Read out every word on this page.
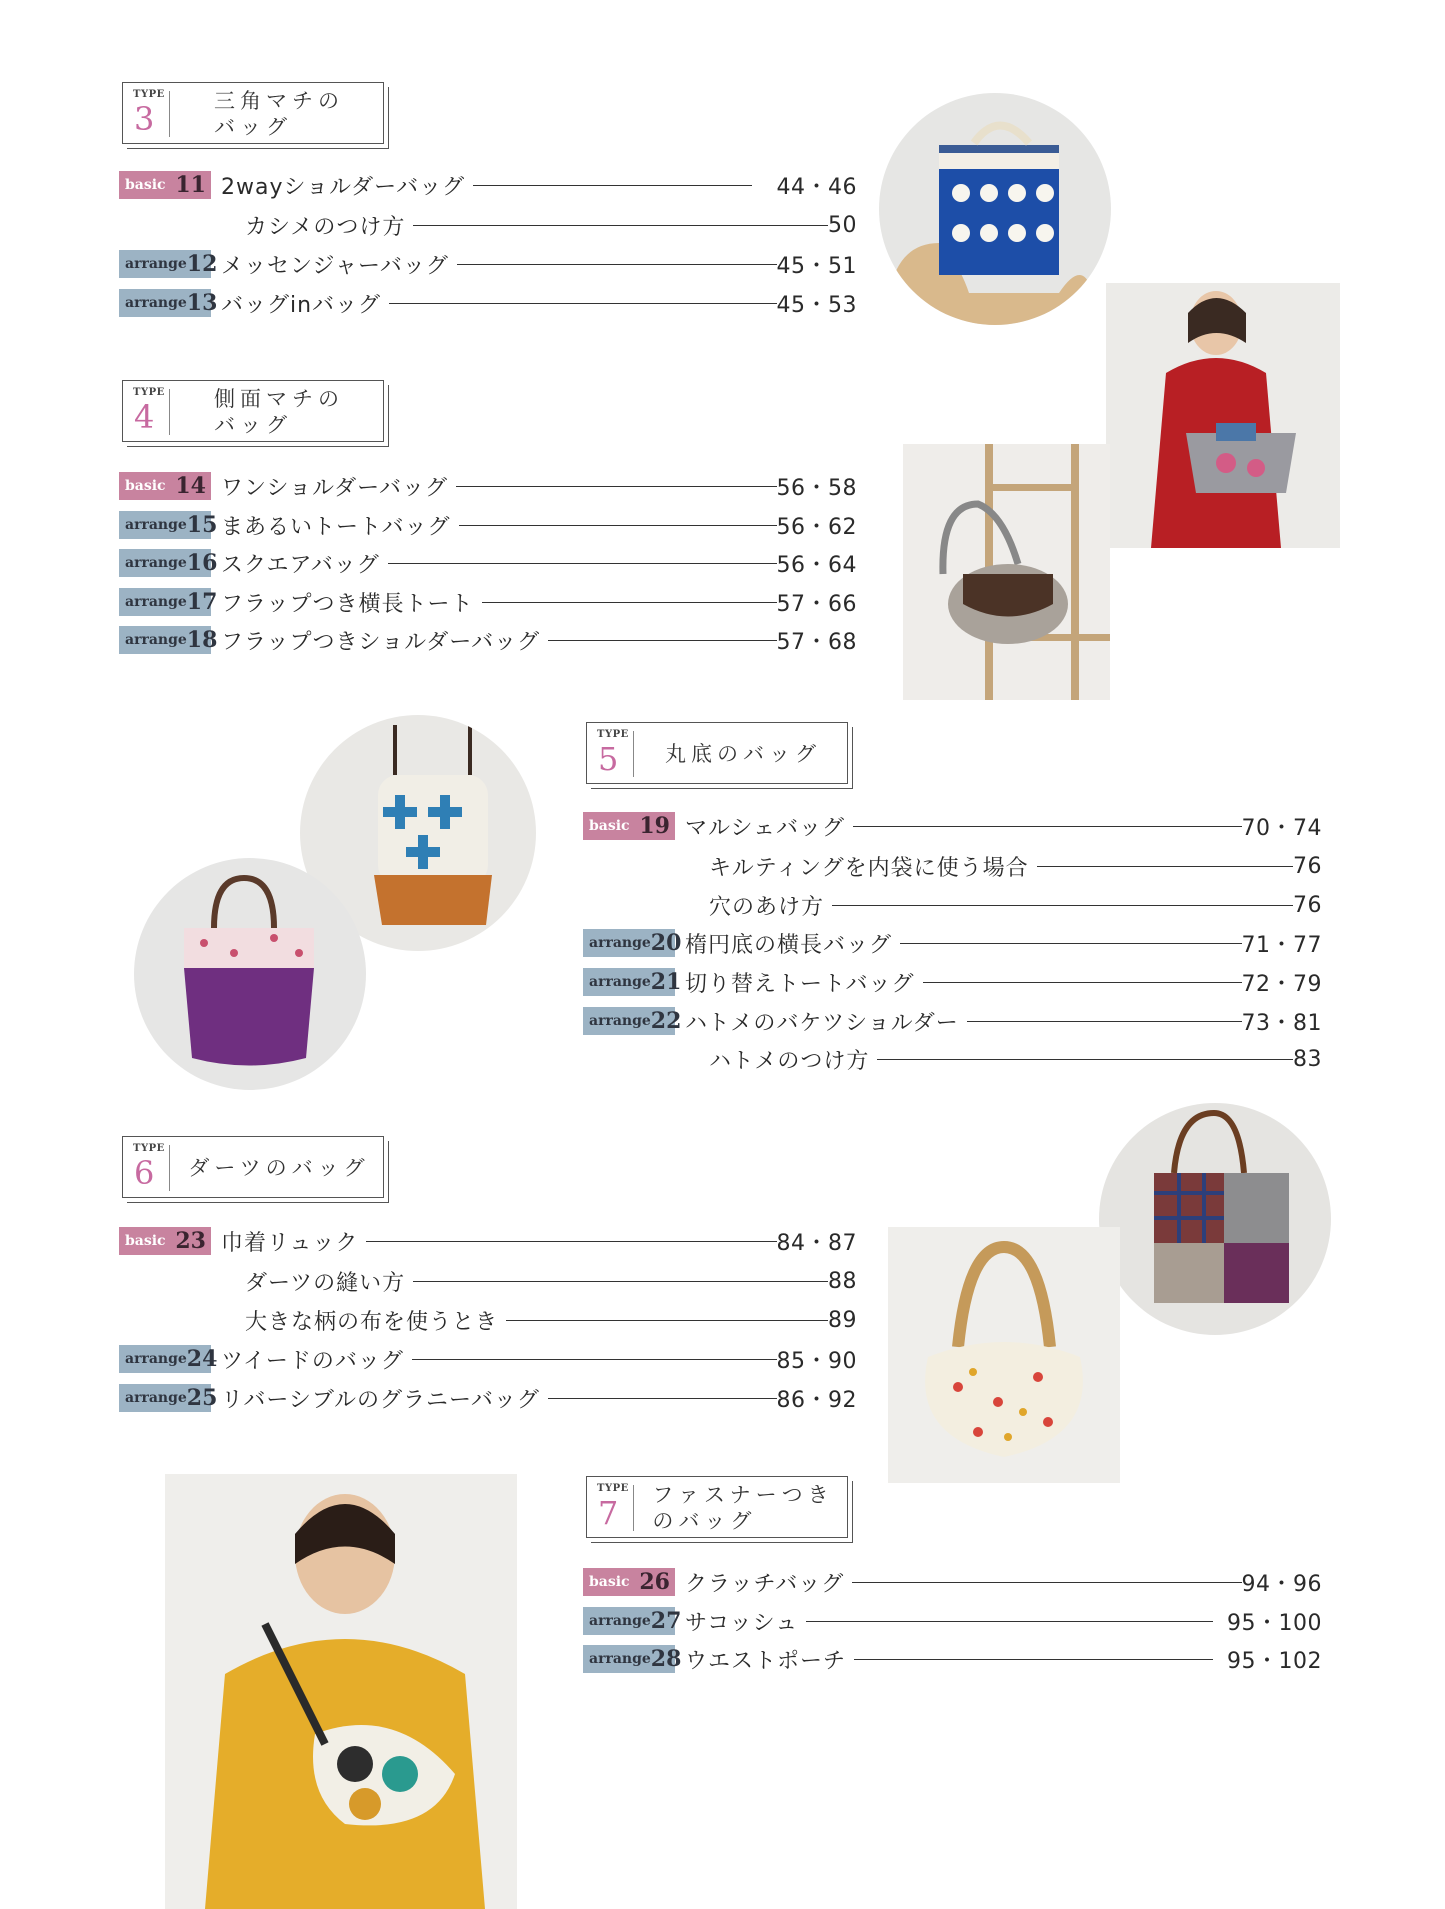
TYPE
3	三角マチの
バッグ
basic 11 2wayショルダーバッグ	44・46
カシメのつけ方	50
arrange 12 メッセンジャーバッグ	45・51
arrange 13 バッグinバッグ	45・53
TYPE
4	側面マチの
バッグ
basic 14 ワンショルダーバッグ	56・58
arrange 15 まあるいトートバッグ	56・62
arrange 16 スクエアバッグ	56・64
arrange 17 フラップつき横長トート	57・66
arrange 18 フラップつきショルダーバッグ	57・68
TYPE
5	丸底のバッグ
basic 19 マルシェバッグ	70・74
キルティングを内袋に使う場合	76
穴のあけ方	76
arrange 20 楕円底の横長バッグ	71・77
arrange 21 切り替えトートバッグ	72・79
arrange 22 ハトメのバケツショルダー	73・81
ハトメのつけ方	83
TYPE
6	ダーツのバッグ
basic 23 巾着リュック	84・87
ダーツの縫い方	88
大きな柄の布を使うとき	89
arrange 24 ツイードのバッグ	85・90
arrange 25 リバーシブルのグラニーバッグ	86・92
TYPE
7	ファスナーつき
のバッグ
basic 26 クラッチバッグ	94・96
arrange 27 サコッシュ	95・100
arrange 28 ウエストポーチ	95・102
